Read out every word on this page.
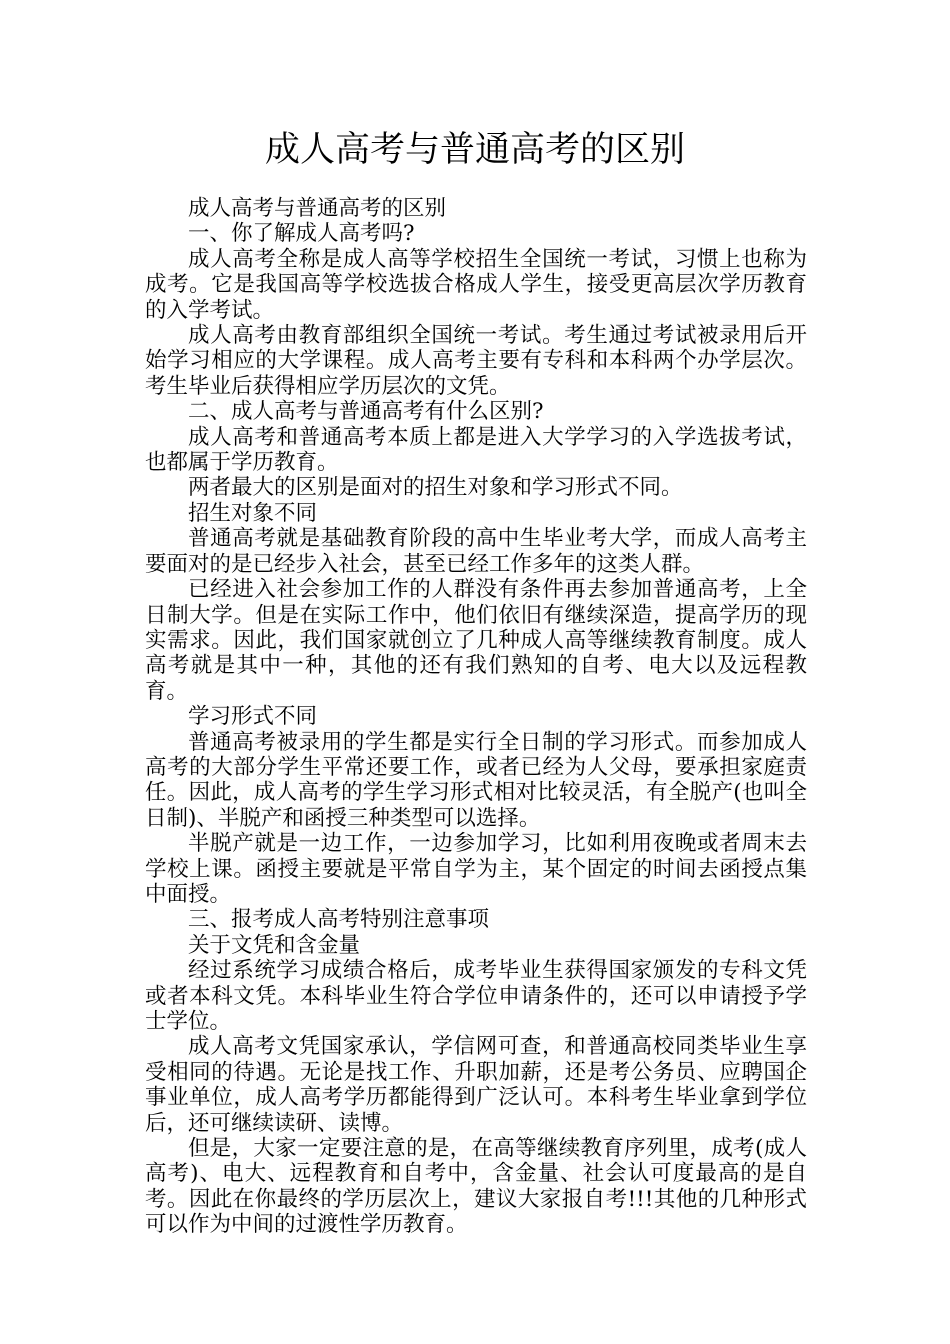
成人高考与普通高考的区别

成人高考与普通高考的区别

一、你了解成人高考吗?

成人高考全称是成人高等学校招生全国统一考试，习惯上也称为成考。它是我国高等学校选拔合格成人学生，接受更高层次学历教育的入学考试。

成人高考由教育部组织全国统一考试。考生通过考试被录用后开始学习相应的大学课程。成人高考主要有专科和本科两个办学层次。考生毕业后获得相应学历层次的文凭。

二、成人高考与普通高考有什么区别?

成人高考和普通高考本质上都是进入大学学习的入学选拔考试，也都属于学历教育。

两者最大的区别是面对的招生对象和学习形式不同。

招生对象不同

普通高考就是基础教育阶段的高中生毕业考大学，而成人高考主要面对的是已经步入社会，甚至已经工作多年的这类人群。

已经进入社会参加工作的人群没有条件再去参加普通高考，上全日制大学。但是在实际工作中，他们依旧有继续深造，提高学历的现实需求。因此，我们国家就创立了几种成人高等继续教育制度。成人高考就是其中一种，其他的还有我们熟知的自考、电大以及远程教育。

学习形式不同

普通高考被录用的学生都是实行全日制的学习形式。而参加成人高考的大部分学生平常还要工作，或者已经为人父母，要承担家庭责任。因此，成人高考的学生学习形式相对比较灵活，有全脱产(也叫全日制)、半脱产和函授三种类型可以选择。

半脱产就是一边工作，一边参加学习，比如利用夜晚或者周末去学校上课。函授主要就是平常自学为主，某个固定的时间去函授点集中面授。

三、报考成人高考特别注意事项

关于文凭和含金量

经过系统学习成绩合格后，成考毕业生获得国家颁发的专科文凭或者本科文凭。本科毕业生符合学位申请条件的，还可以申请授予学士学位。

成人高考文凭国家承认，学信网可查，和普通高校同类毕业生享受相同的待遇。无论是找工作、升职加薪，还是考公务员、应聘国企事业单位，成人高考学历都能得到广泛认可。本科考生毕业拿到学位后，还可继续读研、读博。

但是，大家一定要注意的是，在高等继续教育序列里，成考(成人高考)、电大、远程教育和自考中，含金量、社会认可度最高的是自考。因此在你最终的学历层次上，建议大家报自考!!!其他的几种形式可以作为中间的过渡性学历教育。
